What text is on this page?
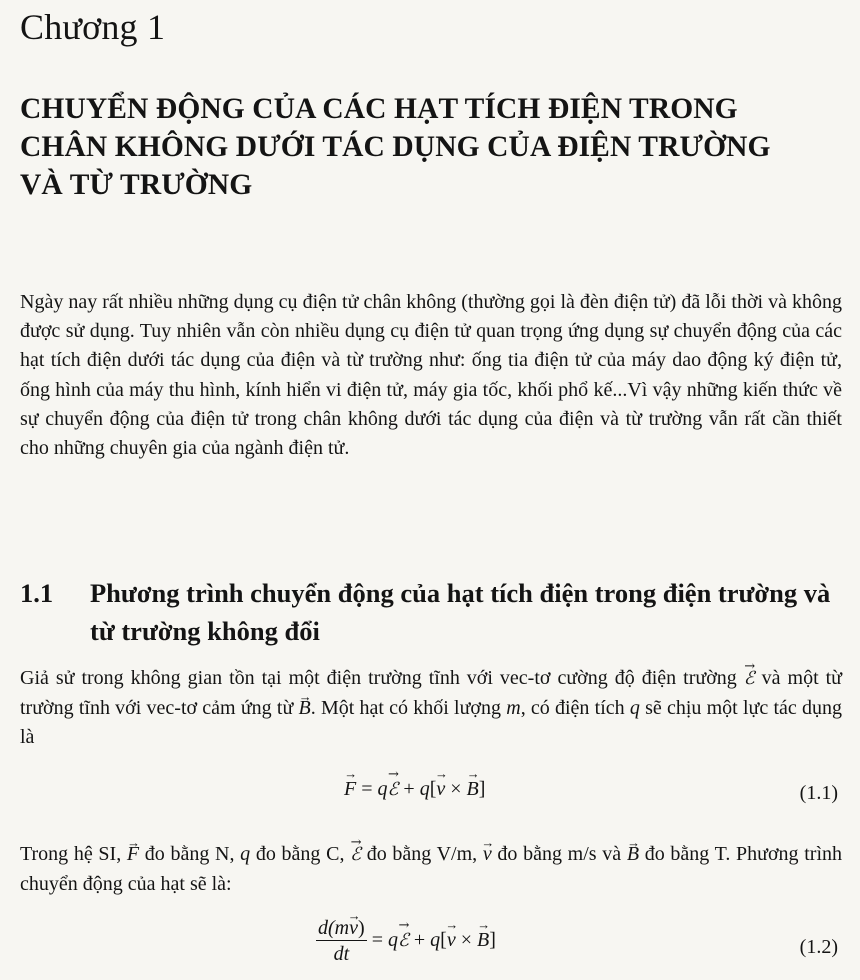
Chương 1
CHUYỂN ĐỘNG CỦA CÁC HẠT TÍCH ĐIỆN TRONG
CHÂN KHÔNG DƯỚI TÁC DỤNG CỦA ĐIỆN TRƯỜNG
VÀ TỪ TRƯỜNG
Ngày nay rất nhiều những dụng cụ điện tử chân không (thường gọi là đèn điện tử) đã lỗi thời và không được sử dụng. Tuy nhiên vẫn còn nhiều dụng cụ điện tử quan trọng ứng dụng sự chuyển động của các hạt tích điện dưới tác dụng của điện và từ trường như: ống tia điện tử của máy dao động ký điện tử, ống hình của máy thu hình, kính hiển vi điện tử, máy gia tốc, khối phổ kế...Vì vậy những kiến thức về sự chuyển động của điện tử trong chân không dưới tác dụng của điện và từ trường vẫn rất cần thiết cho những chuyên gia của ngành điện tử.
1.1 Phương trình chuyển động của hạt tích điện trong điện trường và từ trường không đổi
Giả sử trong không gian tồn tại một điện trường tĩnh với vec-tơ cường độ điện trường ℰ → và một từ trường tĩnh với vec-tơ cảm ứng từ B →. Một hạt có khối lượng m, có điện tích q sẽ chịu một lực tác dụng là
F → = qℰ → + q[v → × B →]	(1.1)
Trong hệ SI, F → đo bằng N, q đo bằng C, ℰ → đo bằng V/m, v → đo bằng m/s và B → đo bằng T. Phương trình chuyển động của hạt sẽ là:
$\frac{d(mv \to)}{dt}$ = qℰ → + q[v → × B →]	(1.2)
